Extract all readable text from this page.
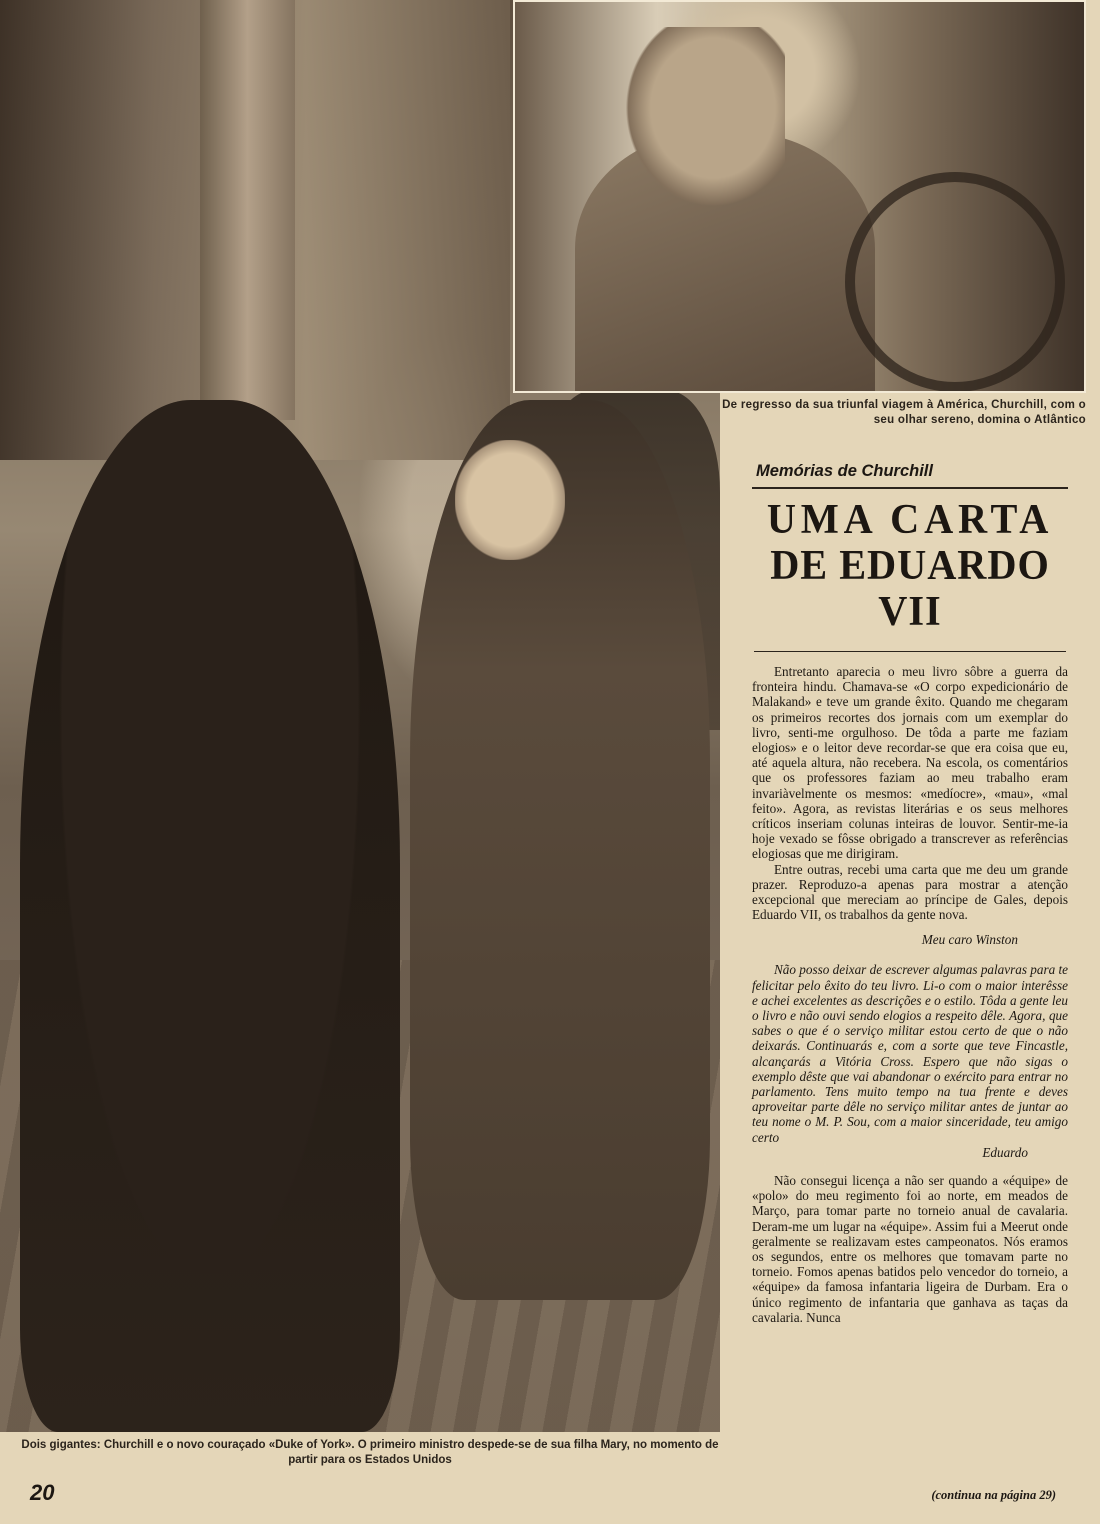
De regresso da sua triunfal viagem à América, Churchill, com o seu olhar sereno, domina o Atlântico
Memórias de Churchill
UMA CARTA
DE EDUARDO VII

Entretanto aparecia o meu livro sôbre a guerra da fronteira hindu. Chamava-se «O corpo expedicionário de Malakand» e teve um grande êxito. Quando me chegaram os primeiros recortes dos jornais com um exemplar do livro, senti-me orgulhoso. De tôda a parte me faziam elogios» e o leitor deve recordar-se que era coisa que eu, até aquela altura, não recebera. Na escola, os comentários que os professores faziam ao meu trabalho eram invariàvelmente os mesmos: «medíocre», «mau», «mal feito». Agora, as revistas literárias e os seus melhores críticos inseriam colunas inteiras de louvor. Sentir-me-ia hoje vexado se fôsse obrigado a transcrever as referências elogiosas que me dirigiram.

Entre outras, recebi uma carta que me deu um grande prazer. Reproduzo-a apenas para mostrar a atenção excepcional que mereciam ao príncipe de Gales, depois Eduardo VII, os trabalhos da gente nova.

Meu caro Winston

Não posso deixar de escrever algumas palavras para te felicitar pelo êxito do teu livro. Li-o com o maior interêsse e achei excelentes as descrições e o estilo. Tôda a gente leu o livro e não ouvi sendo elogios a respeito dêle. Agora, que sabes o que é o serviço militar estou certo de que o não deixarás. Continuarás e, com a sorte que teve Fincastle, alcançarás a Vitória Cross. Espero que não sigas o exemplo dêste que vai abandonar o exército para entrar no parlamento. Tens muito tempo na tua frente e deves aproveitar parte dêle no serviço militar antes de juntar ao teu nome o M. P. Sou, com a maior sinceridade, teu amigo certo

Eduardo

Não consegui licença a não ser quando a «équipe» de «polo» do meu regimento foi ao norte, em meados de Março, para tomar parte no torneio anual de cavalaria. Deram-me um lugar na «équipe». Assim fui a Meerut onde geralmente se realizavam estes campeonatos. Nós eramos os segundos, entre os melhores que tomavam parte no torneio. Fomos apenas batidos pelo vencedor do torneio, a «équipe» da famosa infantaria ligeira de Durbam. Era o único regimento de infantaria que ganhava as taças da cavalaria. Nunca

Dois gigantes: Churchill e o novo couraçado «Duke of York». O primeiro ministro despede-se de sua filha Mary, no momento de partir para os Estados Unidos
20	(continua na página 29)
